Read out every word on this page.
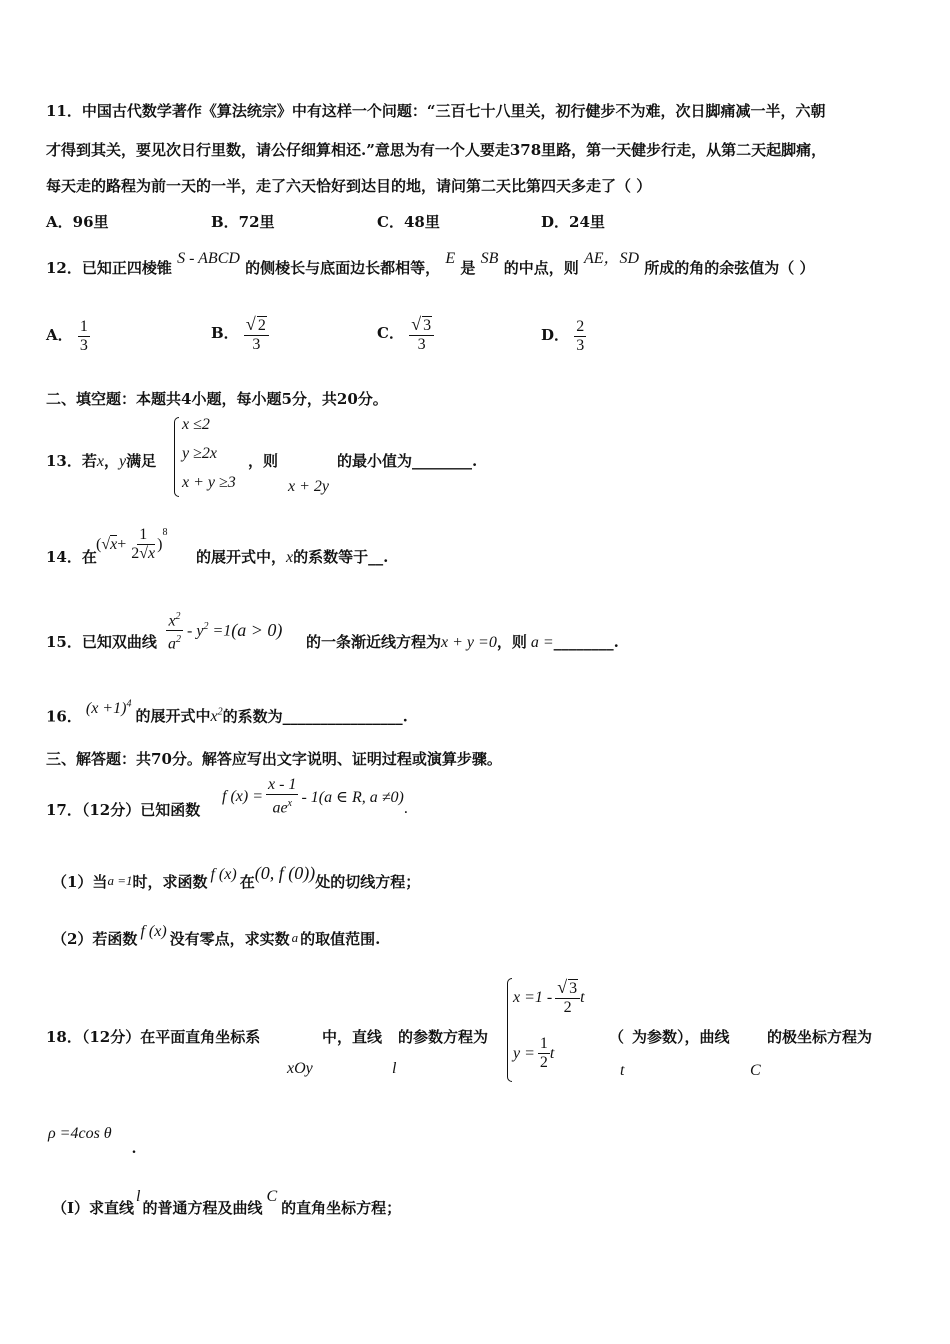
11．中国古代数学著作《算法统宗》中有这样一个问题：“三百七十八里关，初行健步不为难，次日脚痛减一半，六朝
才得到其关，要见次日行里数，请公仔细算相还.”意思为有一个人要走378里路，第一天健步行走，从第二天起脚痛，
每天走的路程为前一天的一半，走了六天恰好到达目的地，请问第二天比第四天多走了（ ）
A．96里	B．72里	C．48里	D．24里
12．已知正四棱锥 S - ABCD 的侧棱长与底面边长都相等， E 是 SB 的中点，则 AE，SD 所成的角的余弦值为（ ）
A． $\frac{1}{3}$	B． $\frac{√ 2}{3}$	C． $\frac{√ 3}{3}$	D． $\frac{2}{3}$
二、填空题：本题共4小题，每小题5分，共20分。
13．若x，y满足
x ≤2
y ≥2x
x + y ≥3
，则
x + 2y
的最小值为________.
14．在
(√ $x + \frac{1}{2√x}$ )
$^8$
的展开式中，x的系数等于__.
15．已知双曲线 $\frac{x^2}{a^2} - y^2 =1$ (a > 0)
的一条渐近线方程为x + y =0，则 a =________.
16． $(x +1)^4$的展开式中$x^2$的系数为________________.
三、解答题：共70分。解答应写出文字说明、证明过程或演算步骤。
17．（12分）已知函数
f $(x) = \frac{x - 1}{ae^x} - 1(a$ ∈ R, a ≠0)
.
（1）当a =1时，求函数 f (x) 在(0, f (0))处的切线方程；
（2）若函数 f (x) 没有零点，求实数 a 的取值范围.
18．（12分）在平面直角坐标系	中，直线 的参数方程为
xOy	l
$x =1 - \frac{√ 3}{2}$ t
$y = \frac{1}{2}$ t
（ 为参数），曲线 的极坐标方程为
t	C
ρ =4cos θ
.
（Ⅰ）求直线l的普通方程及曲线C的直角坐标方程；
